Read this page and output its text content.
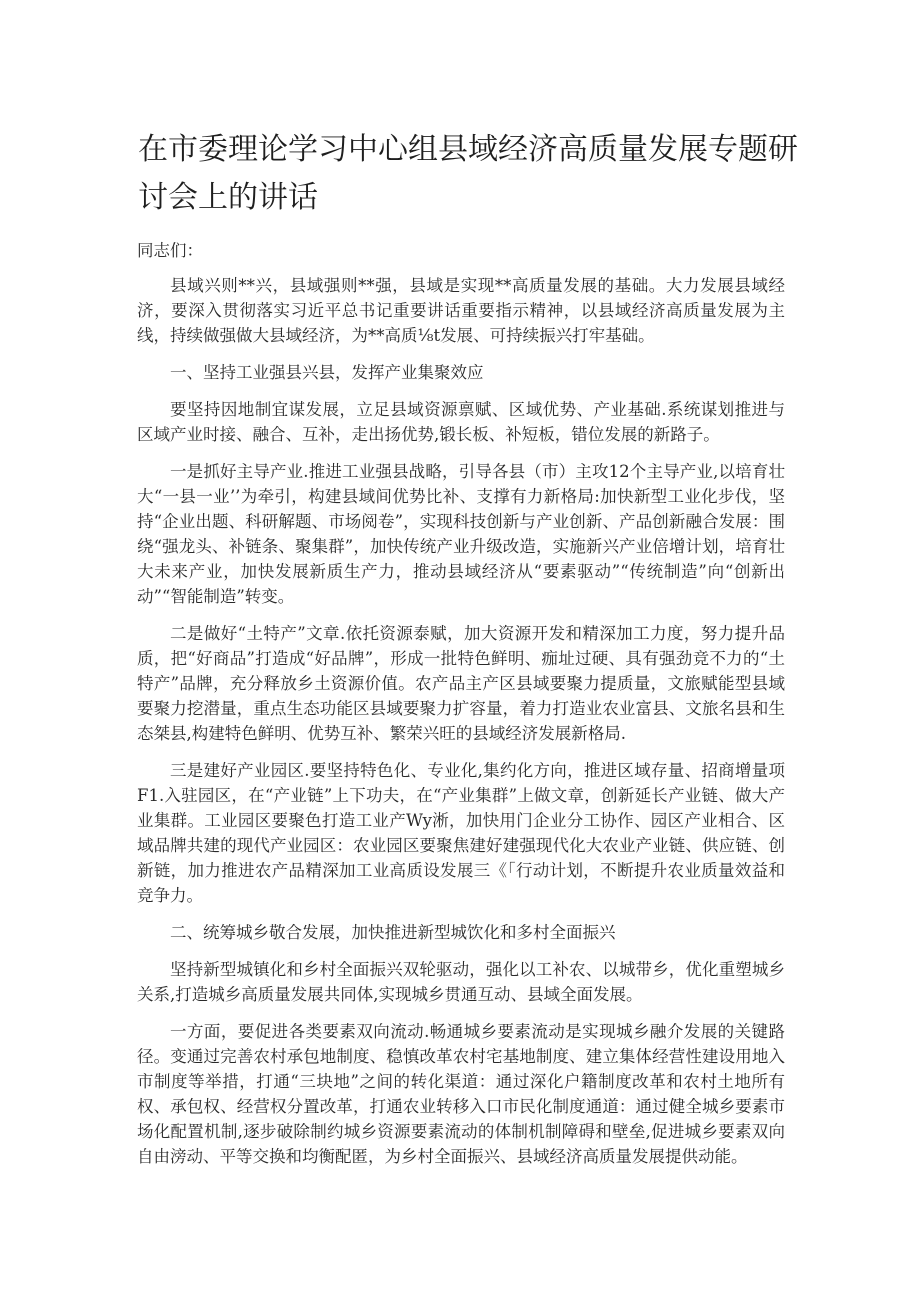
在市委理论学习中心组县域经济高质量发展专题研讨会上的讲话

同志们：

县域兴则**兴，县域强则**强，县域是实现**高质量发展的基础。大力发展县域经济，要深入贯彻落实习近平总书记重要讲话重要指示精神，以县域经济高质量发展为主线，持续做强做大县域经济，为**高质⅛t发展、可持续振兴打牢基础。

一、坚持工业强县兴县，发挥产业集聚效应

要坚持因地制宜谋发展，立足县域资源禀赋、区域优势、产业基础.系统谋划推进与区域产业时接、融合、互补，走出扬优势,锻长板、补短板，错位发展的新路子。

一是抓好主导产业.推进工业强县战略，引导各县（市）主攻12个主导产业,以培育壮大“一县一业’’为牵引，构建县域间优势比补、支撑有力新格局:加快新型工业化步伐，坚持“企业出题、科研解题、市场阅卷”，实现科技创新与产业创新、产品创新融合发展：围绕“强龙头、补链条、聚集群”，加快传统产业升级改造，实施新兴产业倍增计划，培育壮大未来产业，加快发展新质生产力，推动县域经济从“要素驱动”“传统制造”向“创新出动”“智能制造”转变。

二是做好“土特产”文章.依托资源泰赋，加大资源开发和精深加工力度，努力提升品质，把“好商品”打造成“好品牌”，形成一批特色鲜明、痂址过硬、具有强劲竞不力的“土特产”品牌，充分释放乡土资源价值。农产品主产区县域要聚力提质量，文旅赋能型县域要聚力挖潜量，重点生态功能区县域要聚力扩容量，着力打造业农业富县、文旅名县和生态桀县,构建特色鲜明、优势互补、繁荣兴旺的县域经济发展新格局.

三是建好产业园区.要坚持特色化、专业化,集约化方向，推进区域存量、招商增量项F1.入驻园区，在“产业链”上下功夫，在“产业集群”上做文章，创新延长产业链、做大产业集群。工业园区要聚色打造工业产Wy淅，加快用门企业分工协作、园区产业相合、区域品牌共建的现代产业园区：农业园区要聚焦建好建强现代化大农业产业链、供应链、创新链，加力推进农产品精深加工业高质设发展三《「行动计划，不断提升农业质量效益和竞争力。

二、统筹城乡敬合发展，加快推进新型城饮化和多村全面振兴

坚持新型城镇化和乡村全面振兴双轮驱动，强化以工补农、以城带乡，优化重塑城乡关系,打造城乡高质量发展共同体,实现城乡贯通互动、县域全面发展。

一方面，要促进各类要素双向流动.畅通城乡要素流动是实现城乡融介发展的关键路径。变通过完善农村承包地制度、稳慎改革农村宅基地制度、建立集体经营性建设用地入市制度等举措，打通“三块地”之间的转化渠道：通过深化户籍制度改革和农村土地所有权、承包权、经营权分置改革，打通农业转移入口市民化制度通道：通过健全城乡要素市场化配置机制,逐步破除制约城乡资源要素流动的体制机制障碍和壁垒,促进城乡要素双向自由滂动、平等交换和均衡配匿，为乡村全面振兴、县域经济高质量发展提供动能。
